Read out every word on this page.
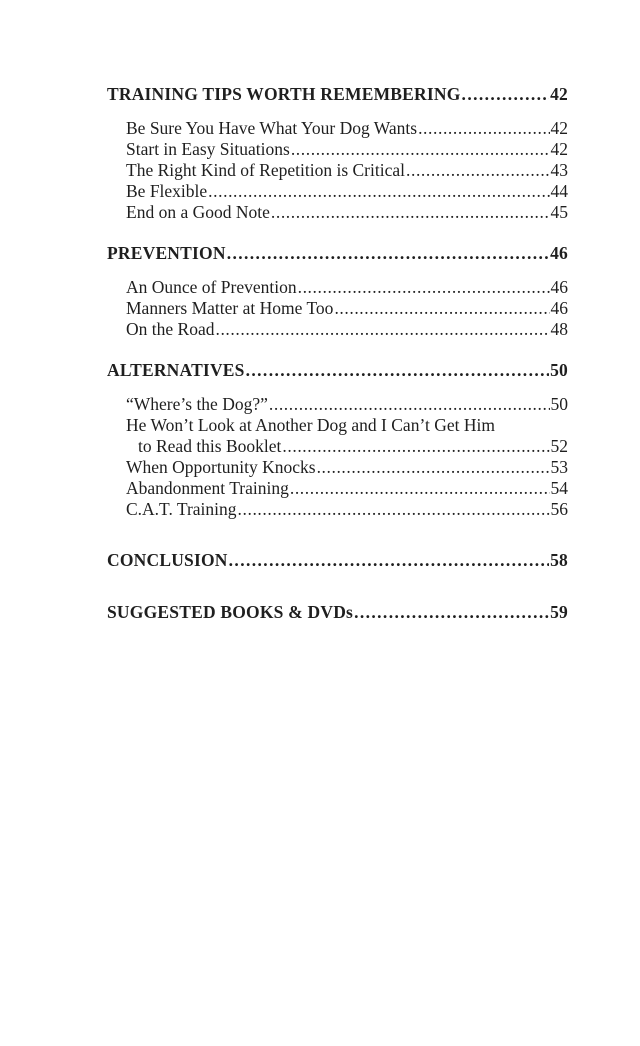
TRAINING TIPS WORTH REMEMBERING .....	42
Be Sure You Have What Your Dog Wants .....	42
Start in Easy Situations .....	42
The Right Kind of Repetition is Critical .....	43
Be Flexible .....	44
End on a Good Note .....	45
PREVENTION .....	46
An Ounce of Prevention .....	46
Manners Matter at Home Too .....	46
On the Road .....	48
ALTERNATIVES .....	50
“Where’s the Dog?” .....	50
He Won’t Look at Another Dog and I Can’t Get Him
to Read this Booklet .....	52
When Opportunity Knocks .....	53
Abandonment Training .....	54
C.A.T. Training .....	56
CONCLUSION .....	58
SUGGESTED BOOKS & DVDs .....	59
